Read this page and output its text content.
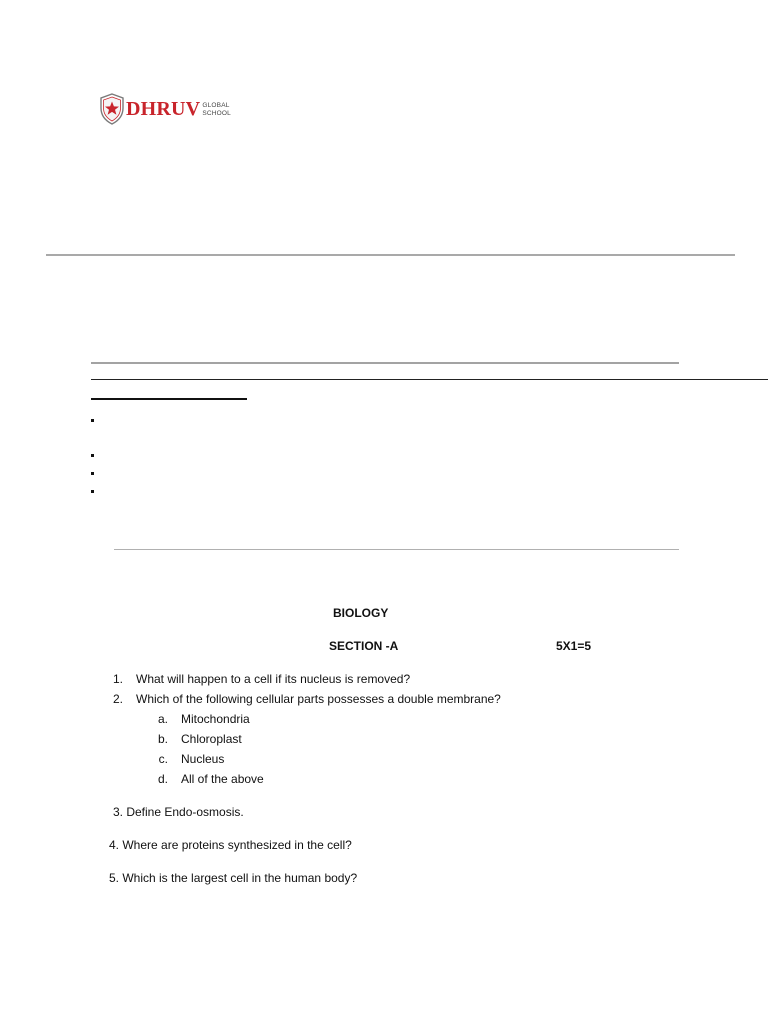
DHRUV GLOBAL
SCHOOL
BIOLOGY
SECTION -A	5X1=5
1. What will happen to a cell if its nucleus is removed?
2. Which of the following cellular parts possesses a double membrane?
a. Mitochondria
b. Chloroplast
c. Nucleus
d. All of the above
3. Define Endo-osmosis.
4. Where are proteins synthesized in the cell?
5. Which is the largest cell in the human body?
